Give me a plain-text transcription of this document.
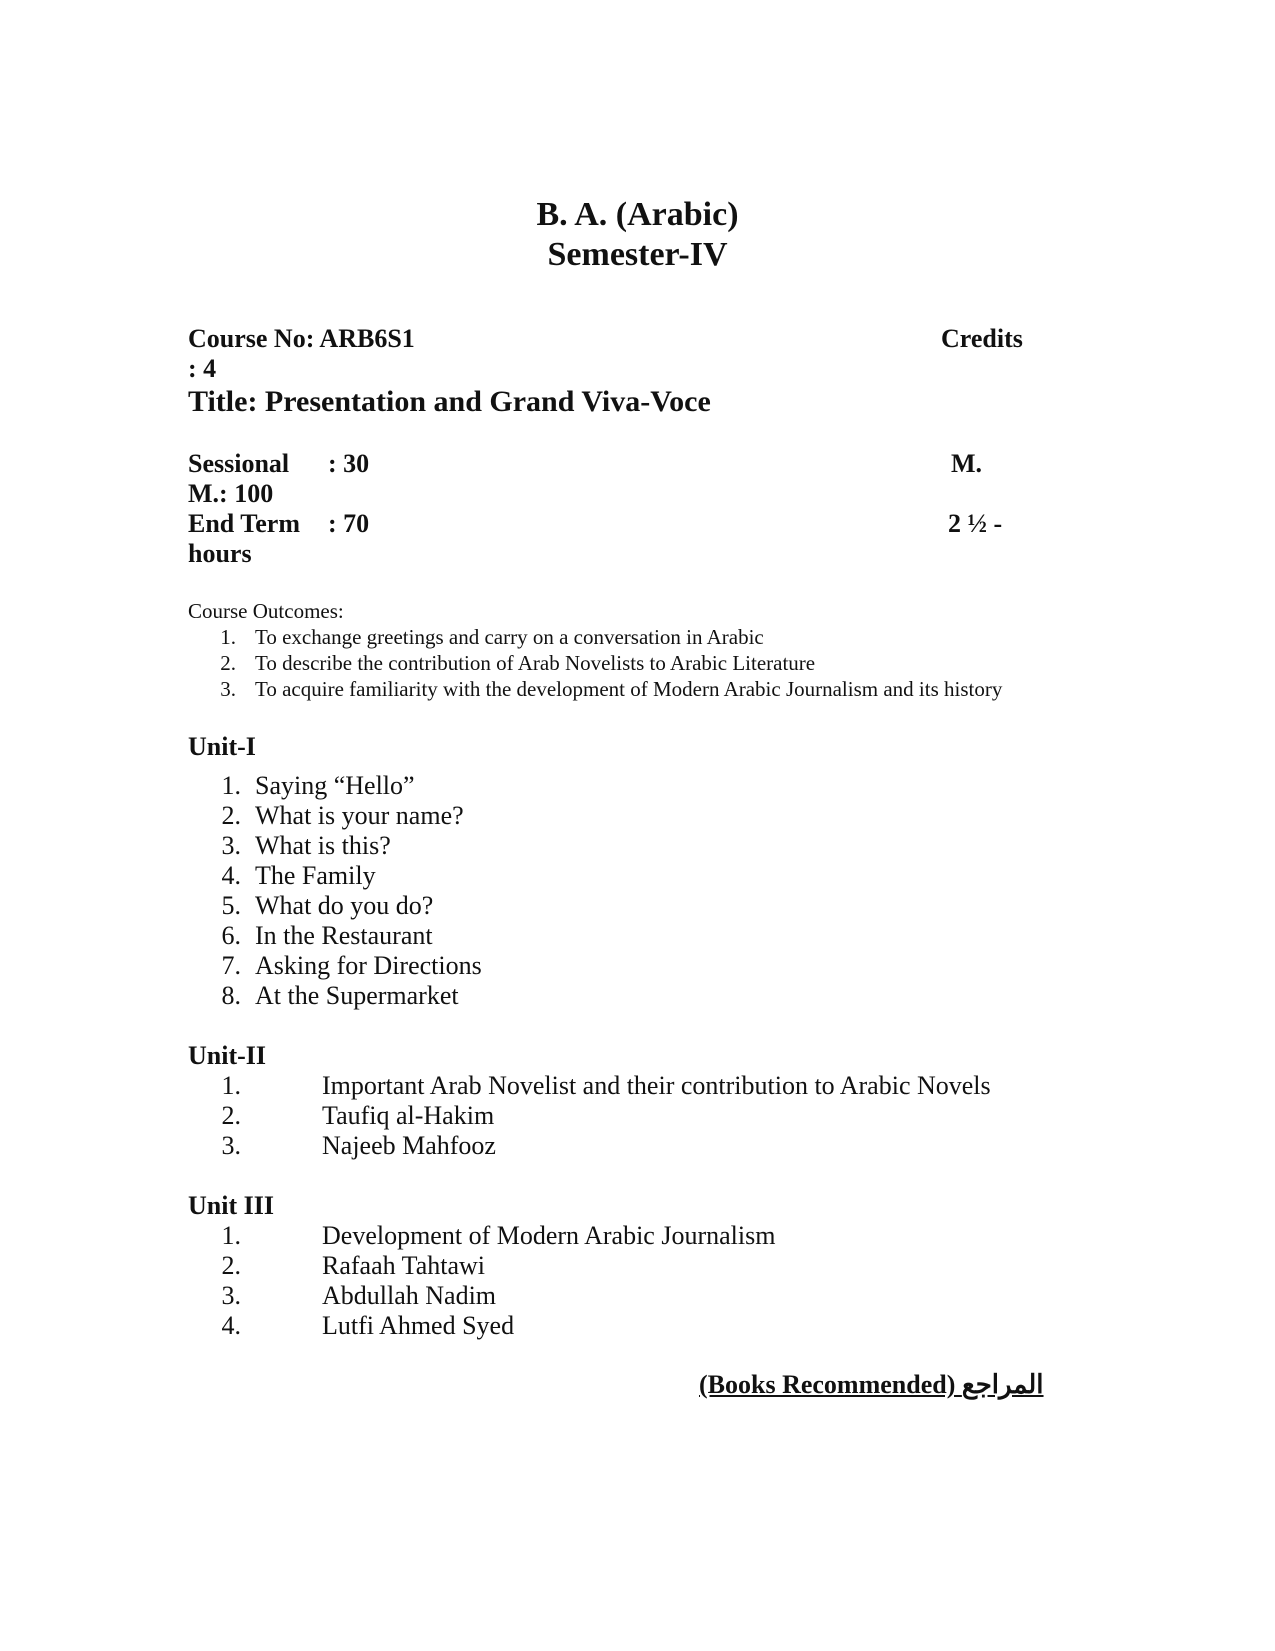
B. A. (Arabic)
Semester-IV
Course No: ARB6S1	Credits
: 4
Title: Presentation and Grand Viva-Voce
Sessional : 30	M.
M.: 100
End Term : 70	2 ½ -
hours
Course Outcomes:
1. To exchange greetings and carry on a conversation in Arabic
2. To describe the contribution of Arab Novelists to Arabic Literature
3. To acquire familiarity with the development of Modern Arabic Journalism and its history
Unit-I
1. Saying “Hello”
2. What is your name?
3. What is this?
4. The Family
5. What do you do?
6. In the Restaurant
7. Asking for Directions
8. At the Supermarket
Unit-II
1.	Important Arab Novelist and their contribution to Arabic Novels
2.	Taufiq al-Hakim
3.	Najeeb Mahfooz
Unit III
1.	Development of Modern Arabic Journalism
2.	Rafaah Tahtawi
3.	Abdullah Nadim
4.	Lutfi Ahmed Syed
(Books Recommended) المراجع
